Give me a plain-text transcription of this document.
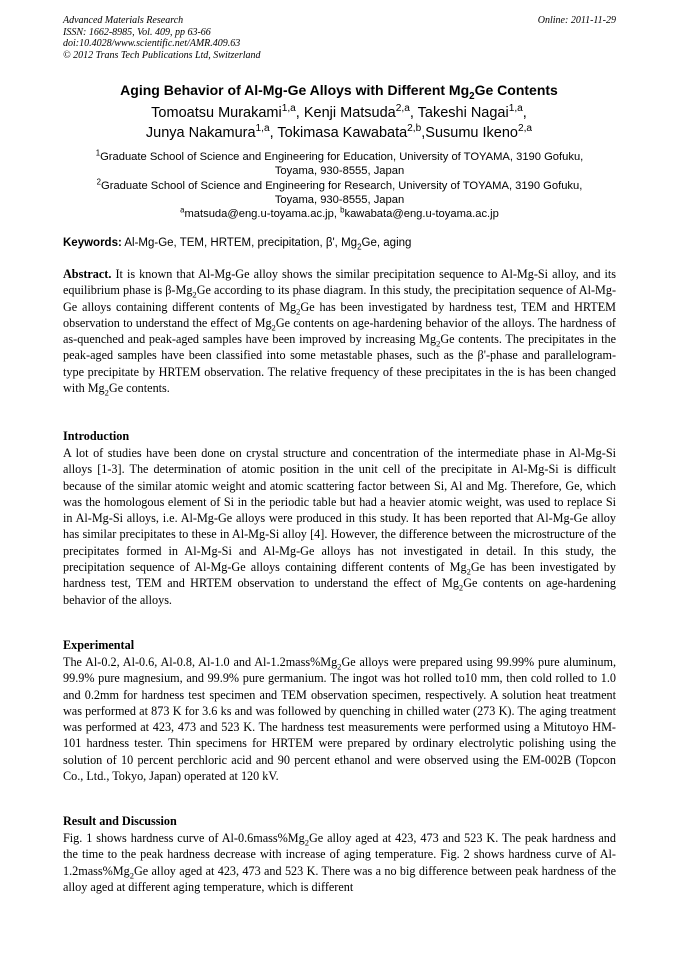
Advanced Materials Research
ISSN: 1662-8985, Vol. 409, pp 63-66
doi:10.4028/www.scientific.net/AMR.409.63
© 2012 Trans Tech Publications Ltd, Switzerland
Online: 2011-11-29
Aging Behavior of Al-Mg-Ge Alloys with Different $Mg_2Ge$ Contents
Tomoatsu Murakami$^{1,a}$, Kenji Matsuda$^{2,a}$, Takeshi Nagai$^{1,a}$,
Junya Nakamura$^{1,a}$, Tokimasa Kawabata$^{2,b}$,Susumu Ikeno$^{2,a}$
$^1$Graduate School of Science and Engineering for Education, University of TOYAMA, 3190 Gofuku,
Toyama, 930-8555, Japan
$^2$Graduate School of Science and Engineering for Research, University of TOYAMA, 3190 Gofuku,
Toyama, 930-8555, Japan
$^a$matsuda@eng.u-toyama.ac.jp, $^b$kawabata@eng.u-toyama.ac.jp
Keywords: Al-Mg-Ge, TEM, HRTEM, precipitation, β', $Mg_2Ge$, aging
Abstract. It is known that Al-Mg-Ge alloy shows the similar precipitation sequence to Al-Mg-Si alloy, and its equilibrium phase is $\beta-Mg_2Ge$ according to its phase diagram. In this study, the precipitation sequence of Al-Mg-Ge alloys containing different contents of $Mg_2Ge$ has been investigated by hardness test, TEM and HRTEM observation to understand the effect of $Mg_2Ge$ contents on age-hardening behavior of the alloys. The hardness of as-quenched and peak-aged samples have been improved by increasing $Mg_2Ge$ contents. The precipitates in the peak-aged samples have been classified into some metastable phases, such as the β'-phase and parallelogram-type precipitate by HRTEM observation. The relative frequency of these precipitates in the is has been changed with $Mg_2Ge$ contents.
Introduction
A lot of studies have been done on crystal structure and concentration of the intermediate phase in Al-Mg-Si alloys [1-3]. The determination of atomic position in the unit cell of the precipitate in Al-Mg-Si is difficult because of the similar atomic weight and atomic scattering factor between Si, Al and Mg. Therefore, Ge, which was the homologous element of Si in the periodic table but had a heavier atomic weight, was used to replace Si in Al-Mg-Si alloys, i.e. Al-Mg-Ge alloys were produced in this study. It has been reported that Al-Mg-Ge alloy has similar precipitates to these in Al-Mg-Si alloy [4]. However, the difference between the microstructure of the precipitates formed in Al-Mg-Si and Al-Mg-Ge alloys has not investigated in detail. In this study, the precipitation sequence of Al-Mg-Ge alloys containing different contents of $Mg_2Ge$ has been investigated by hardness test, TEM and HRTEM observation to understand the effect of $Mg_2Ge$ contents on age-hardening behavior of the alloys.
Experimental
The Al-0.2, Al-0.6, Al-0.8, Al-1.0 and $Al-1.2mass\%Mg_2Ge$ alloys were prepared using 99.99% pure aluminum, 99.9% pure magnesium, and 99.9% pure germanium. The ingot was hot rolled to10 mm, then cold rolled to 1.0 and 0.2mm for hardness test specimen and TEM observation specimen, respectively. A solution heat treatment was performed at 873 K for 3.6 ks and was followed by quenching in chilled water (273 K). The aging treatment was performed at 423, 473 and 523 K. The hardness test measurements were performed using a Mitutoyo HM-101 hardness tester. Thin specimens for HRTEM were prepared by ordinary electrolytic polishing using the solution of 10 percent perchloric acid and 90 percent ethanol and were observed using the EM-002B (Topcon Co., Ltd., Tokyo, Japan) operated at 120 kV.
Result and Discussion
Fig. 1 shows hardness curve of $Al-0.6mass\%Mg_2Ge$ alloy aged at 423, 473 and 523 K. The peak hardness and the time to the peak hardness decrease with increase of aging temperature. Fig. 2 shows hardness curve of $Al-1.2mass\%Mg_2Ge$ alloy aged at 423, 473 and 523 K. There was a no big difference between peak hardness of the alloy aged at different aging temperature, which is different
